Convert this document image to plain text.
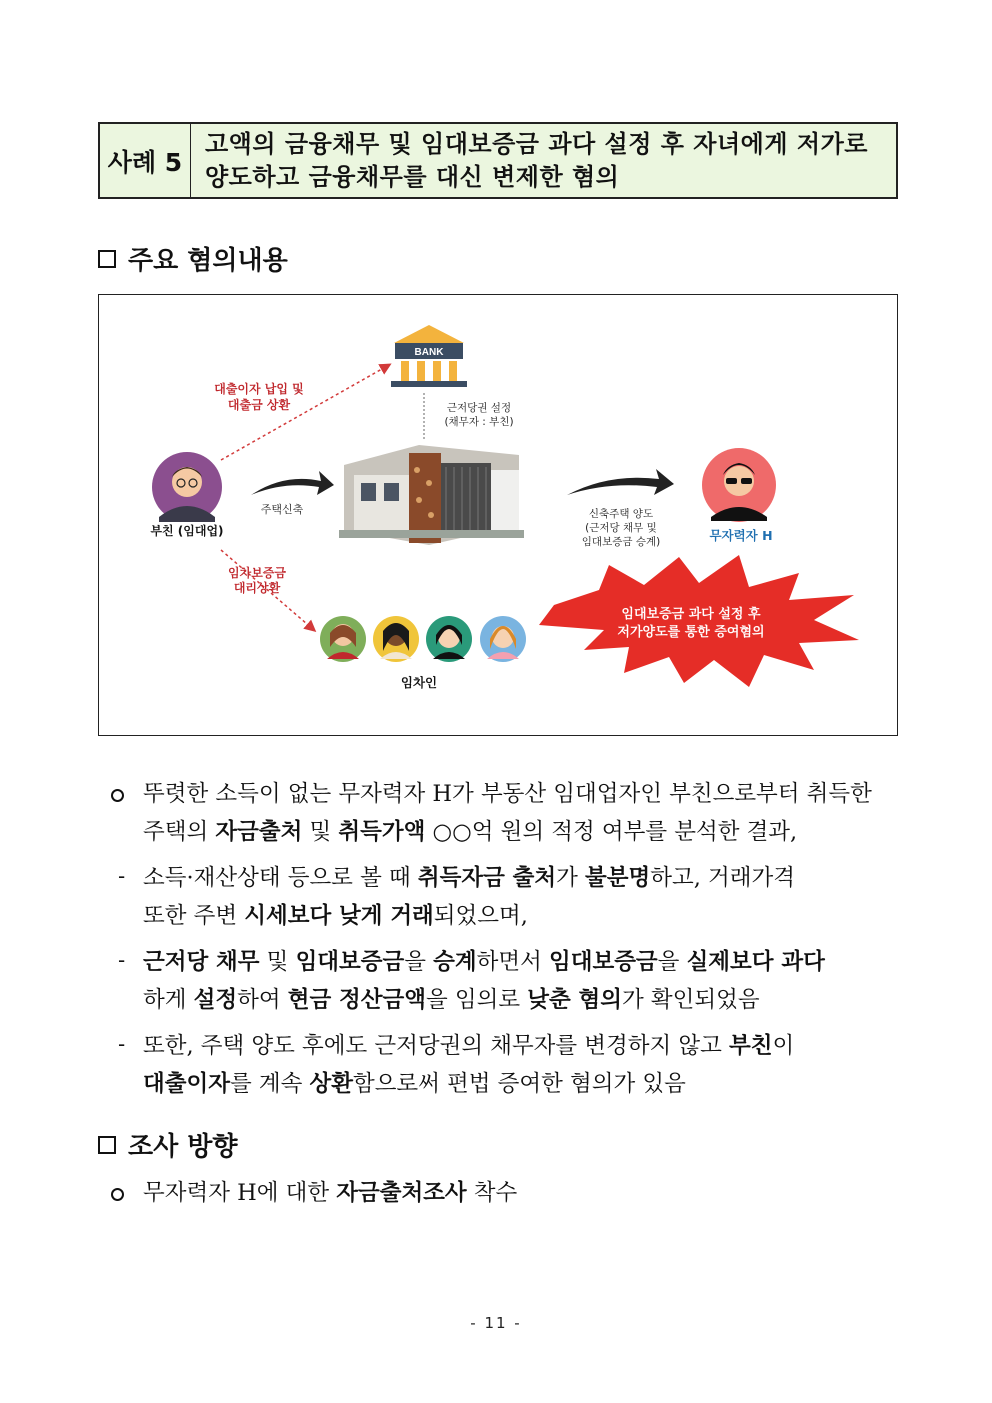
사례 5
고액의 금융채무 및 임대보증금 과다 설정 후 자녀에게 저가로
양도하고 금융채무를 대신 변제한 혐의
주요 혐의내용
BANK
대출이자 납입 및
대출금 상환	근저당권 설정
(채무자 : 부친)
부친 (임대업)
주택신축	신축주택 양도
(근저당 채무 및
임대보증금 승계)	무자력자 H
임차보증금
대리상환
임대보증금 과다 설정 후
저가양도를 통한 증여혐의
임차인
뚜렷한 소득이 없는 무자력자 H가 부동산 임대업자인 부친으로부터 취득한
주택의 자금출처 및 취득가액 ○○억 원의 적정 여부를 분석한 결과,
- 소득·재산상태 등으로 볼 때 취득자금 출처가 불분명하고, 거래가격
또한 주변 시세보다 낮게 거래되었으며,
- 근저당 채무 및 임대보증금을 승계하면서 임대보증금을 실제보다 과다
하게 설정하여 현금 정산금액을 임의로 낮춘 혐의가 확인되었음
- 또한, 주택 양도 후에도 근저당권의 채무자를 변경하지 않고 부친이
대출이자를 계속 상환함으로써 편법 증여한 혐의가 있음
조사 방향
무자력자 H에 대한 자금출처조사 착수
- 11 -
